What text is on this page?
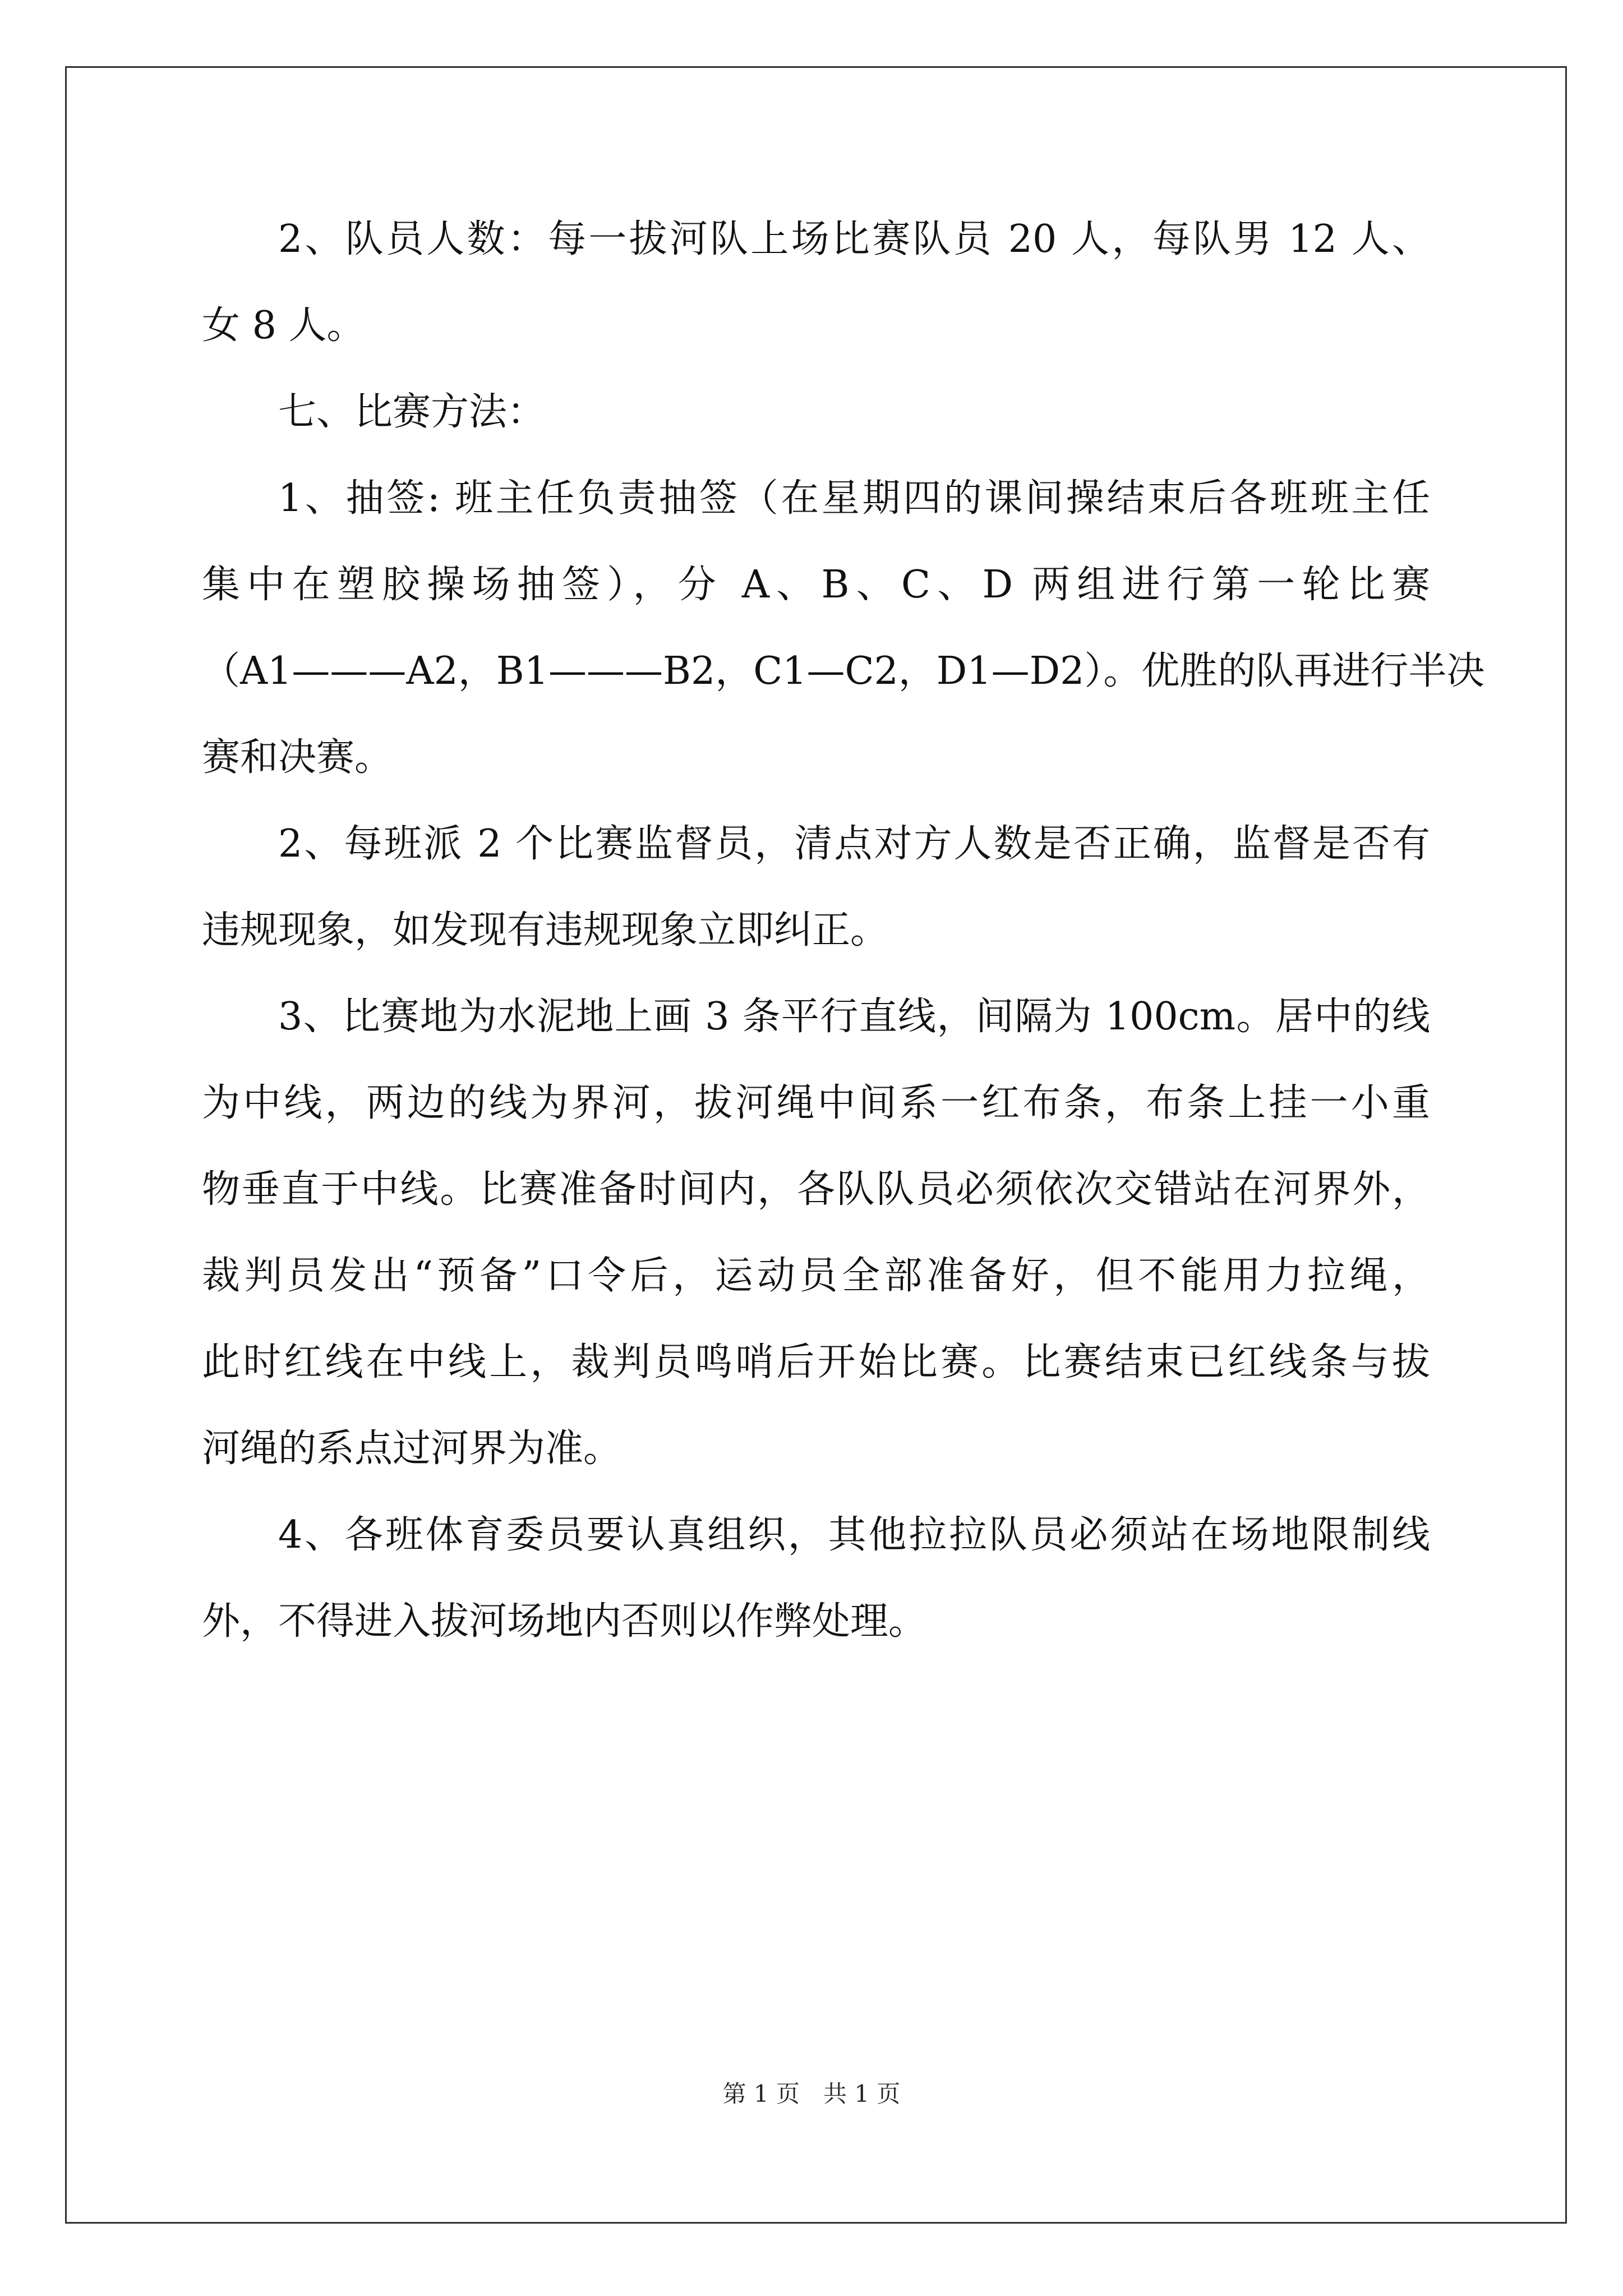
2、队员人数：每一拔河队上场比赛队员 20 人，每队男 12 人、
女 8 人。
七、比赛方法：
1、抽签: 班主任负责抽签（在星期四的课间操结束后各班班主任
集中在塑胶操场抽签），分 A、B、C、D 两组进行第一轮比赛
（A1———A2，B1———B2，C1—C2，D1—D2）。优胜的队再进行半决
赛和决赛。
2、每班派 2 个比赛监督员，清点对方人数是否正确，监督是否有
违规现象，如发现有违规现象立即纠正。
3、比赛地为水泥地上画 3 条平行直线，间隔为 100cm。居中的线
为中线，两边的线为界河，拔河绳中间系一红布条，布条上挂一小重
物垂直于中线。比赛准备时间内，各队队员必须依次交错站在河界外，
裁判员发出“预备”口令后，运动员全部准备好，但不能用力拉绳，
此时红线在中线上，裁判员鸣哨后开始比赛。比赛结束已红线条与拔
河绳的系点过河界为准。
4、各班体育委员要认真组织，其他拉拉队员必须站在场地限制线
外，不得进入拔河场地内否则以作弊处理。
第 1 页　共 1 页
